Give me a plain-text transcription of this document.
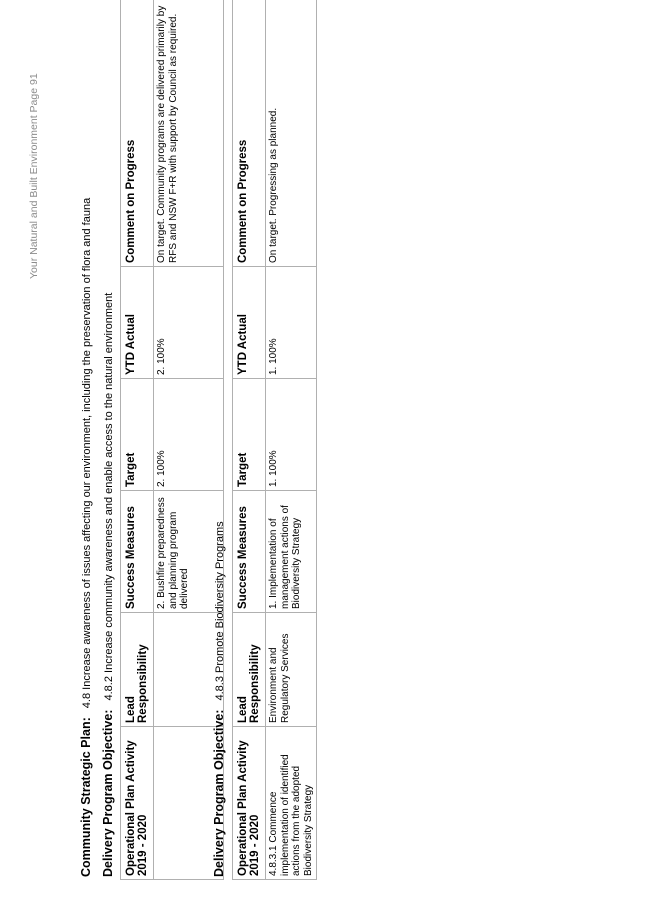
Your Natural and Built Environment Page 91
Community Strategic Plan: 4.8 Increase awareness of issues affecting our environment, including the preservation of flora and fauna
Delivery Program Objective: 4.8.2 Increase community awareness and enable access to the natural environment
Operational Plan Activity 2019 - 2020	Lead Responsibility	Success Measures	Target	YTD Actual	Comment on Progress
		2. Bushfire preparedness and planning program delivered	2. 100%	2. 100%	On target. Community programs are delivered primarily by RFS and NSW F+R with support by Council as required.
Delivery Program Objective: 4.8.3 Promote Biodiversity Programs
Operational Plan Activity 2019 - 2020	Lead Responsibility	Success Measures	Target	YTD Actual	Comment on Progress
4.8.3.1 Commence implementation of identified actions from the adopted Biodiversity Strategy	Environment and Regulatory Services	1. Implementation of management actions of Biodiversity Strategy	1. 100%	1. 100%	On target. Progressing as planned.
